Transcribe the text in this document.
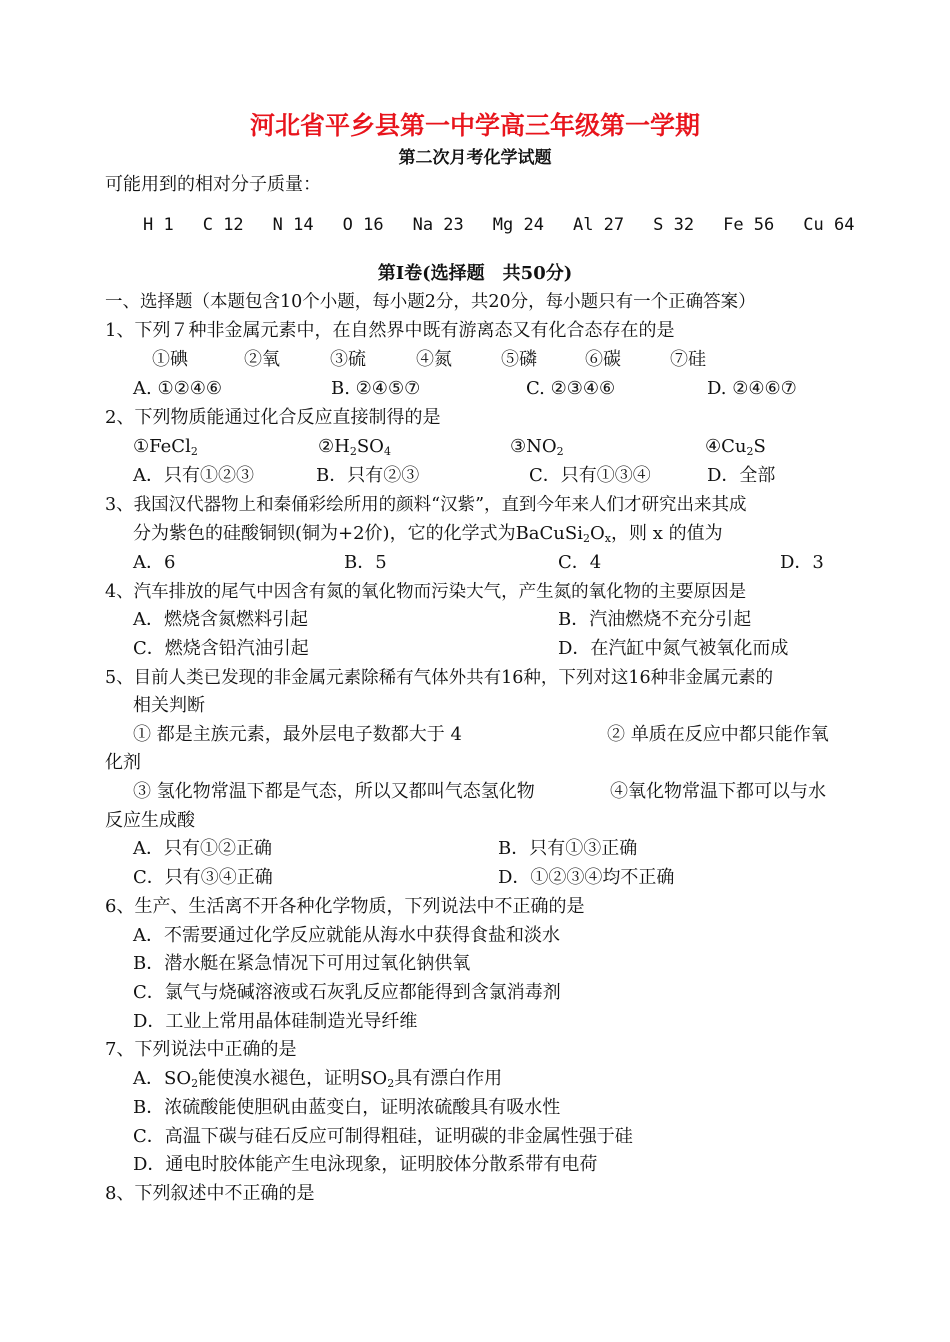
河北省平乡县第一中学高三年级第一学期
第二次月考化学试题
可能用到的相对分子质量：
H 1 C 12 N 14 O 16 Na 23 Mg 24 Al 27 S 32 Fe 56 Cu 64
第Ⅰ卷(选择题　共50分)
一、选择题（本题包含10个小题，每小题2分，共20分，每小题只有一个正确答案）
1、下列７种非金属元素中，在自然界中既有游离态又有化合态存在的是
①碘	②氧	③硫	④氮	⑤磷	⑥碳	⑦硅
A. ①②④⑥	B. ②④⑤⑦	C. ②③④⑥	D. ②④⑥⑦
2、下列物质能通过化合反应直接制得的是
①FeCl$_2$	$②H_2SO_4$	$③NO_2$	$④Cu_2S$
A．只有①②③	B．只有②③	C．只有①③④	D．全部
3、我国汉代器物上和秦俑彩绘所用的颜料“汉紫”，直到今年来人们才研究出来其成
分为紫色的硅酸铜钡(铜为+2价)，它的化学式为$BaCuSi_2O_x$，则 x 的值为
A．6	B．5	C．4	D．3
4、汽车排放的尾气中因含有氮的氧化物而污染大气，产生氮的氧化物的主要原因是
A．燃烧含氮燃料引起	B．汽油燃烧不充分引起
C．燃烧含铅汽油引起	D．在汽缸中氮气被氧化而成
5、目前人类已发现的非金属元素除稀有气体外共有16种，下列对这16种非金属元素的
相关判断
① 都是主族元素，最外层电子数都大于 4	② 单质在反应中都只能作氧
化剂
③ 氢化物常温下都是气态，所以又都叫气态氢化物	④氧化物常温下都可以与水
反应生成酸
A．只有①②正确	B．只有①③正确
C．只有③④正确	D．①②③④均不正确
6、生产、生活离不开各种化学物质，下列说法中不正确的是
A．不需要通过化学反应就能从海水中获得食盐和淡水
B．潜水艇在紧急情况下可用过氧化钠供氧
C．氯气与烧碱溶液或石灰乳反应都能得到含氯消毒剂
D．工业上常用晶体硅制造光导纤维
7、下列说法中正确的是
A．$SO_2$能使溴水褪色，证明$SO_2$具有漂白作用
B．浓硫酸能使胆矾由蓝变白，证明浓硫酸具有吸水性
C．高温下碳与硅石反应可制得粗硅，证明碳的非金属性强于硅
D．通电时胶体能产生电泳现象，证明胶体分散系带有电荷
8、下列叙述中不正确的是
